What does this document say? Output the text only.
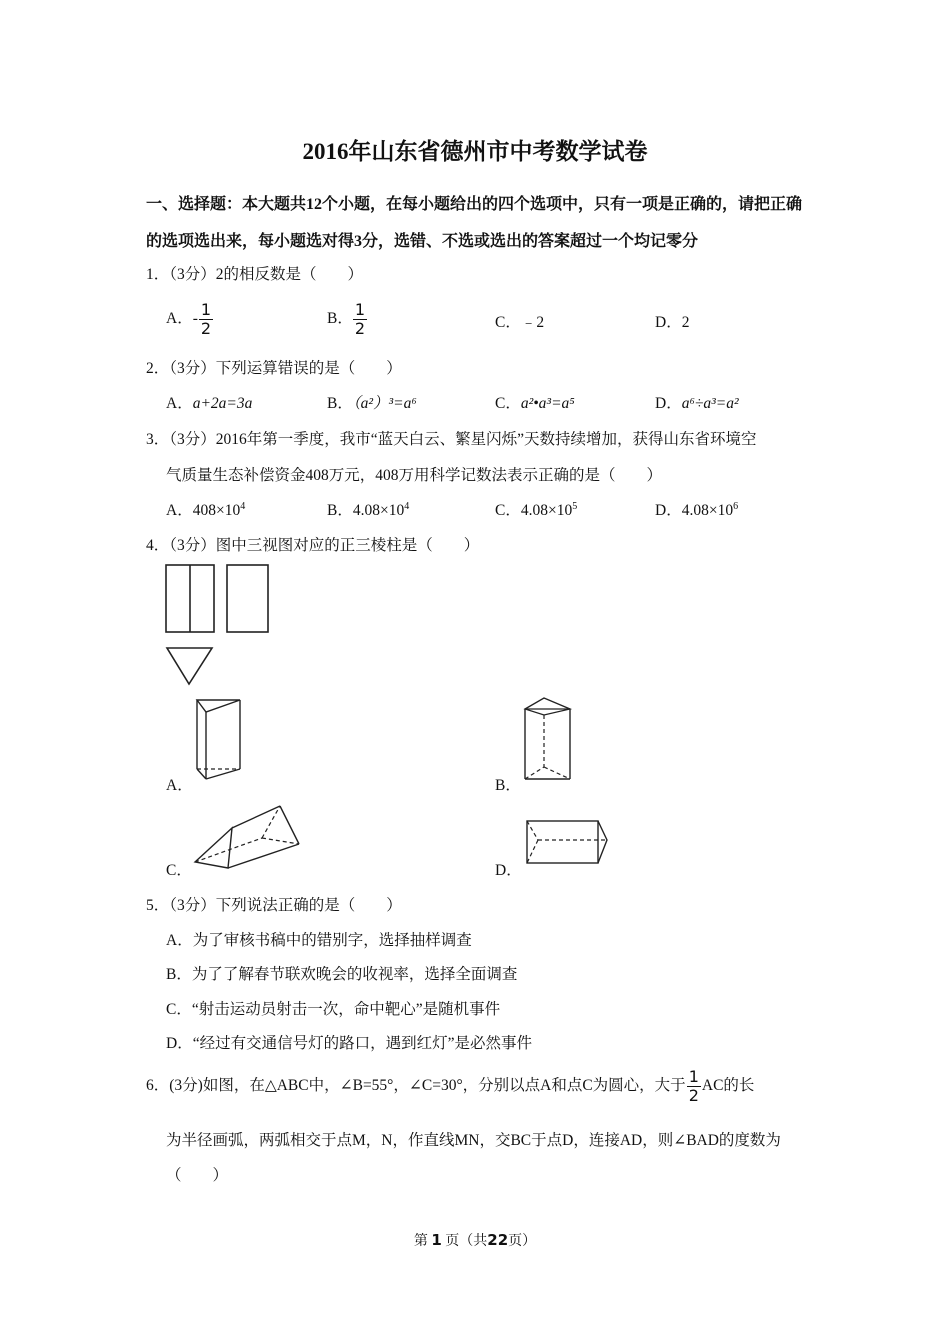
2016年山东省德州市中考数学试卷
一、选择题：本大题共12个小题，在每小题给出的四个选项中，只有一项是正确的，请把正确
的选项选出来，每小题选对得3分，选错、不选或选出的答案超过一个均记零分
1．（3分）2的相反数是（　　）
A．- $\frac{1}{2}$	B． $\frac{1}{2}$	C．﹣2	D．2
2．（3分）下列运算错误的是（　　）
A．a+2a=3a	B．（a²）³=a⁶	C．a²•a³=a⁵	D．a⁶÷a³=a²
3．（3分）2016年第一季度，我市“蓝天白云、繁星闪烁”天数持续增加，获得山东省环境空
气质量生态补偿资金408万元，408万用科学记数法表示正确的是（　　）
A．$408\times 10^4$	B．$4.08\times 10^4$	C．$4.08\times 10^5$	D．$4.08\times 10^6$
4．（3分）图中三视图对应的正三棱柱是（　　）
A．	B．
C．	D．
5．（3分）下列说法正确的是（　　）
A．为了审核书稿中的错别字，选择抽样调查
B．为了了解春节联欢晚会的收视率，选择全面调查
C．“射击运动员射击一次，命中靶心”是随机事件
D．“经过有交通信号灯的路口，遇到红灯”是必然事件
6．(3分)如图，在△ABC中，∠B=55°，∠C=30°，分别以点A和点C为圆心，大于 $\frac{1}{2}$ AC的长
为半径画弧，两弧相交于点M，N，作直线MN，交BC于点D，连接AD，则∠BAD的度数为
（　　）
第 1 页（共22页）
